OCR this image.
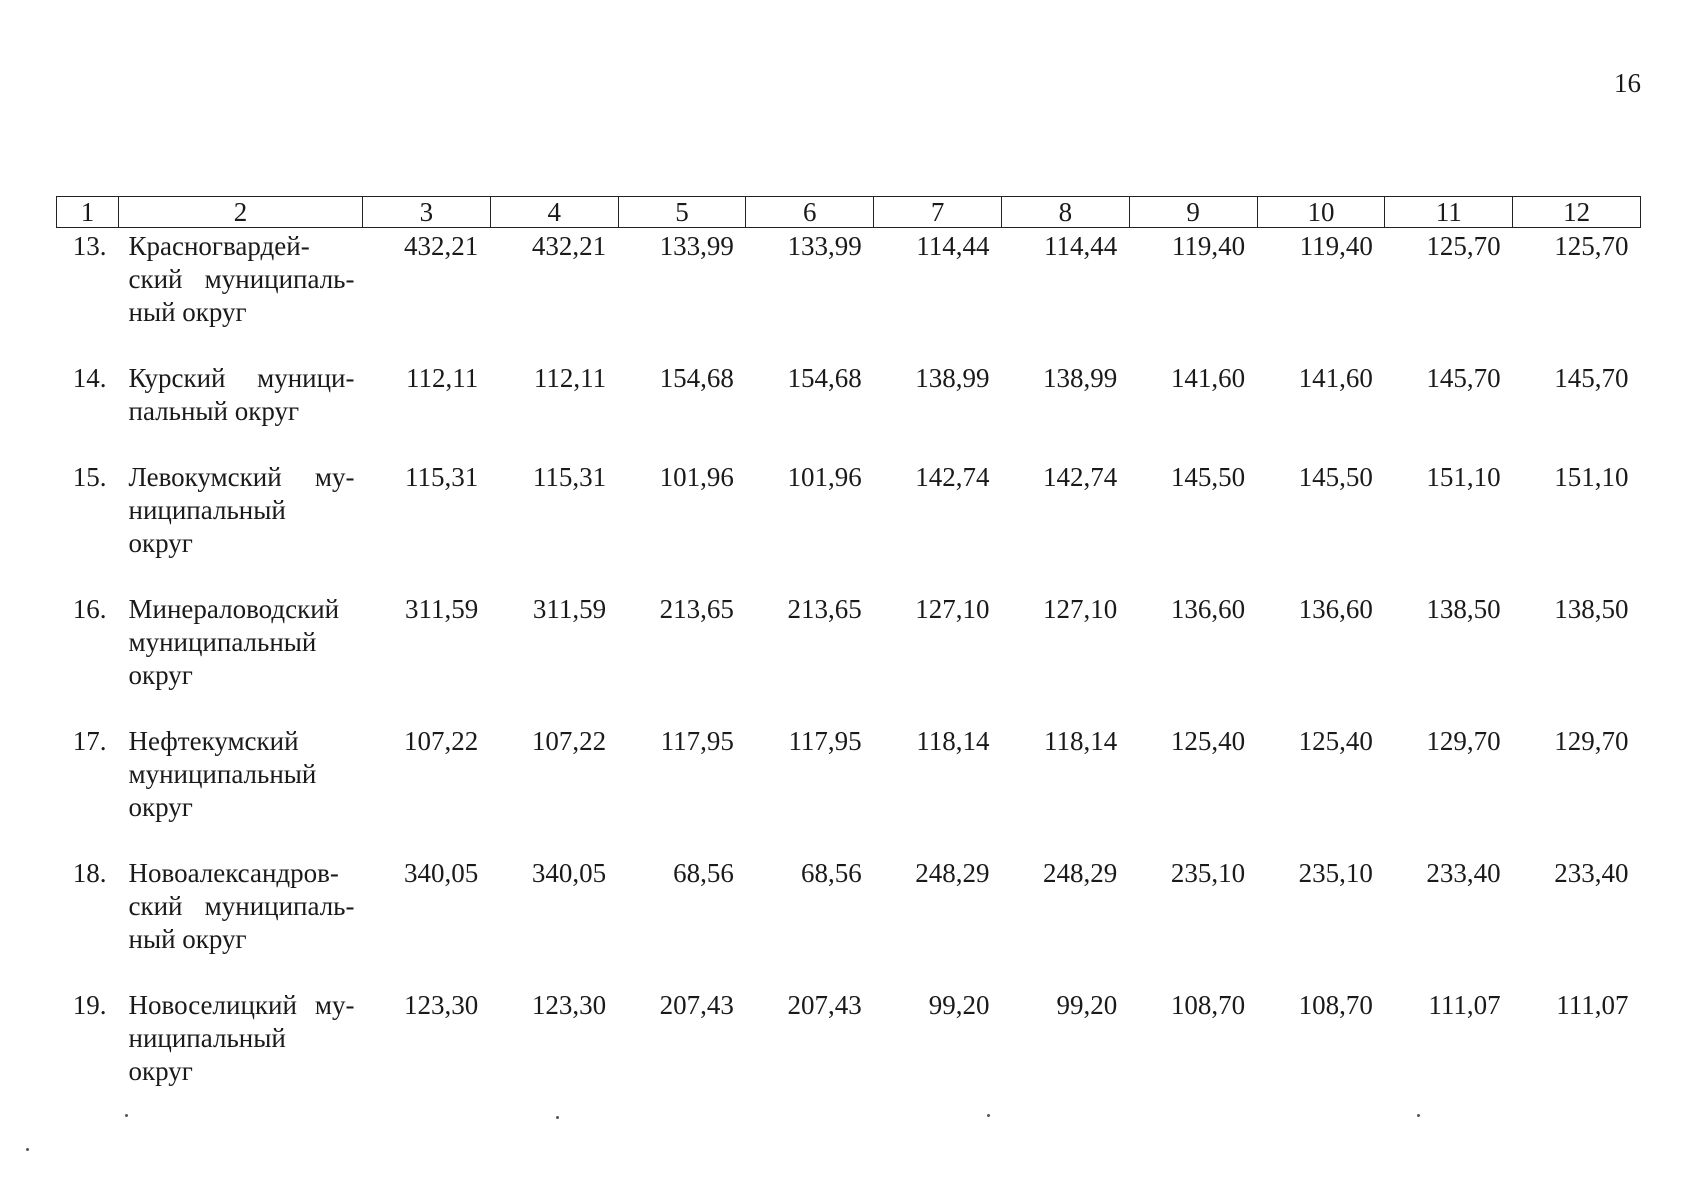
16
1	2	3	4	5	6	7	8	9	10	11	12
13.	Красногвардей-
ский муниципаль-
ный округ	432,21	432,21	133,99	133,99	114,44	114,44	119,40	119,40	125,70	125,70
14.	Курский муници-
пальный округ	112,11	112,11	154,68	154,68	138,99	138,99	141,60	141,60	145,70	145,70
15.	Левокумский му-
ниципальный
округ	115,31	115,31	101,96	101,96	142,74	142,74	145,50	145,50	151,10	151,10
16.	Минераловодский
муниципальный
округ	311,59	311,59	213,65	213,65	127,10	127,10	136,60	136,60	138,50	138,50
17.	Нефтекумский
муниципальный
округ	107,22	107,22	117,95	117,95	118,14	118,14	125,40	125,40	129,70	129,70
18.	Новоалександров-
ский муниципаль-
ный округ	340,05	340,05	68,56	68,56	248,29	248,29	235,10	235,10	233,40	233,40
19.	Новоселицкий му-
ниципальный
округ	123,30	123,30	207,43	207,43	99,20	99,20	108,70	108,70	111,07	111,07
